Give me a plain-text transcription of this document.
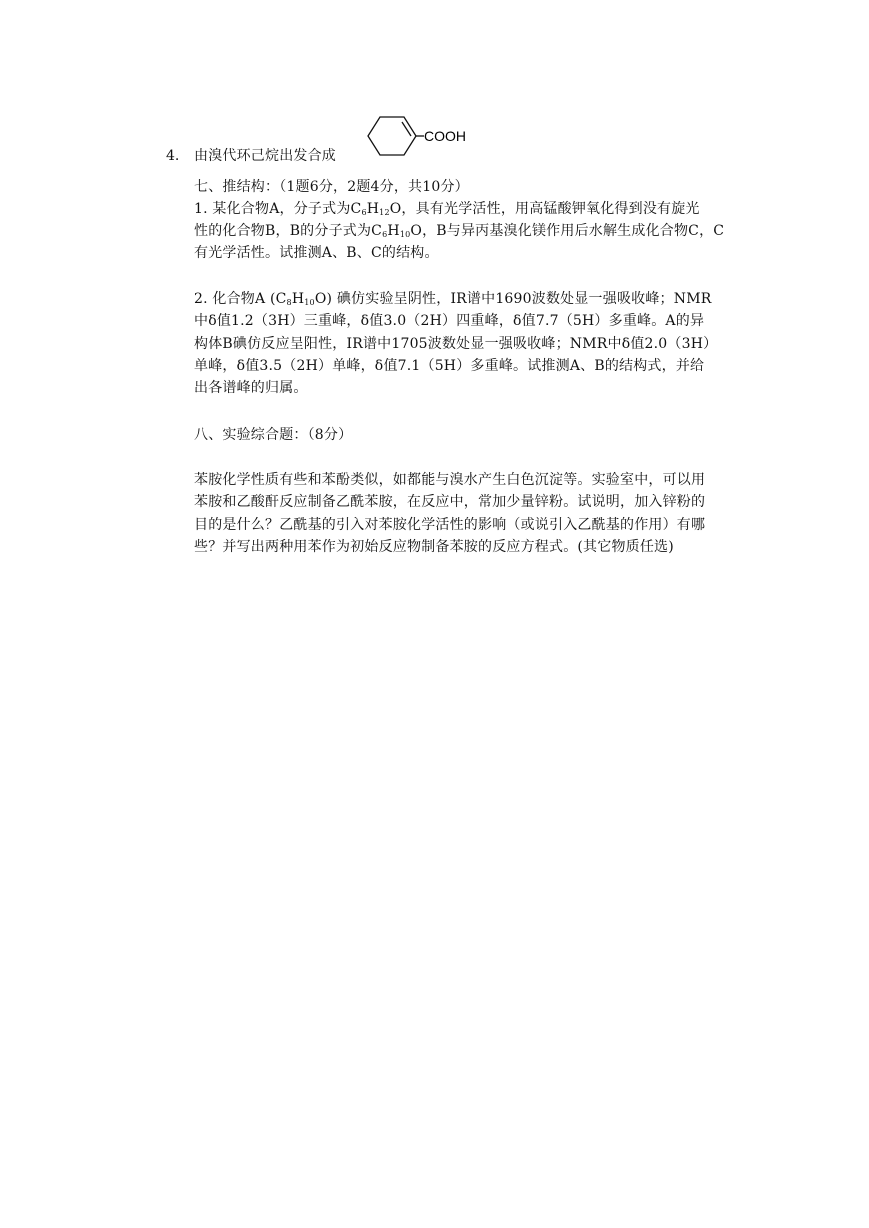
4. 由溴代环己烷出发合成
COOH
七、推结构：（1题6分，2题4分，共10分）
1. 某化合物A，分子式为$C_6H_{12}O$，具有光学活性，用高锰酸钾氧化得到没有旋光
性的化合物B，B的分子式为$C_6H_{10}O$，B与异丙基溴化镁作用后水解生成化合物C，C
有光学活性。试推测A、B、C的结构。
2. 化合物A $(C_8H_{10}O)$ 碘仿实验呈阴性，IR谱中1690波数处显一强吸收峰；NMR
中δ值1.2（3H）三重峰，δ值3.0（2H）四重峰，δ值7.7（5H）多重峰。A的异
构体B碘仿反应呈阳性，IR谱中1705波数处显一强吸收峰；NMR中δ值2.0（3H）
单峰，δ值3.5（2H）单峰，δ值7.1（5H）多重峰。试推测A、B的结构式，并给
出各谱峰的归属。
八、实验综合题：（8分）
苯胺化学性质有些和苯酚类似，如都能与溴水产生白色沉淀等。实验室中，可以用
苯胺和乙酸酐反应制备乙酰苯胺，在反应中，常加少量锌粉。试说明，加入锌粉的
目的是什么？乙酰基的引入对苯胺化学活性的影响（或说引入乙酰基的作用）有哪
些？并写出两种用苯作为初始反应物制备苯胺的反应方程式。(其它物质任选)
